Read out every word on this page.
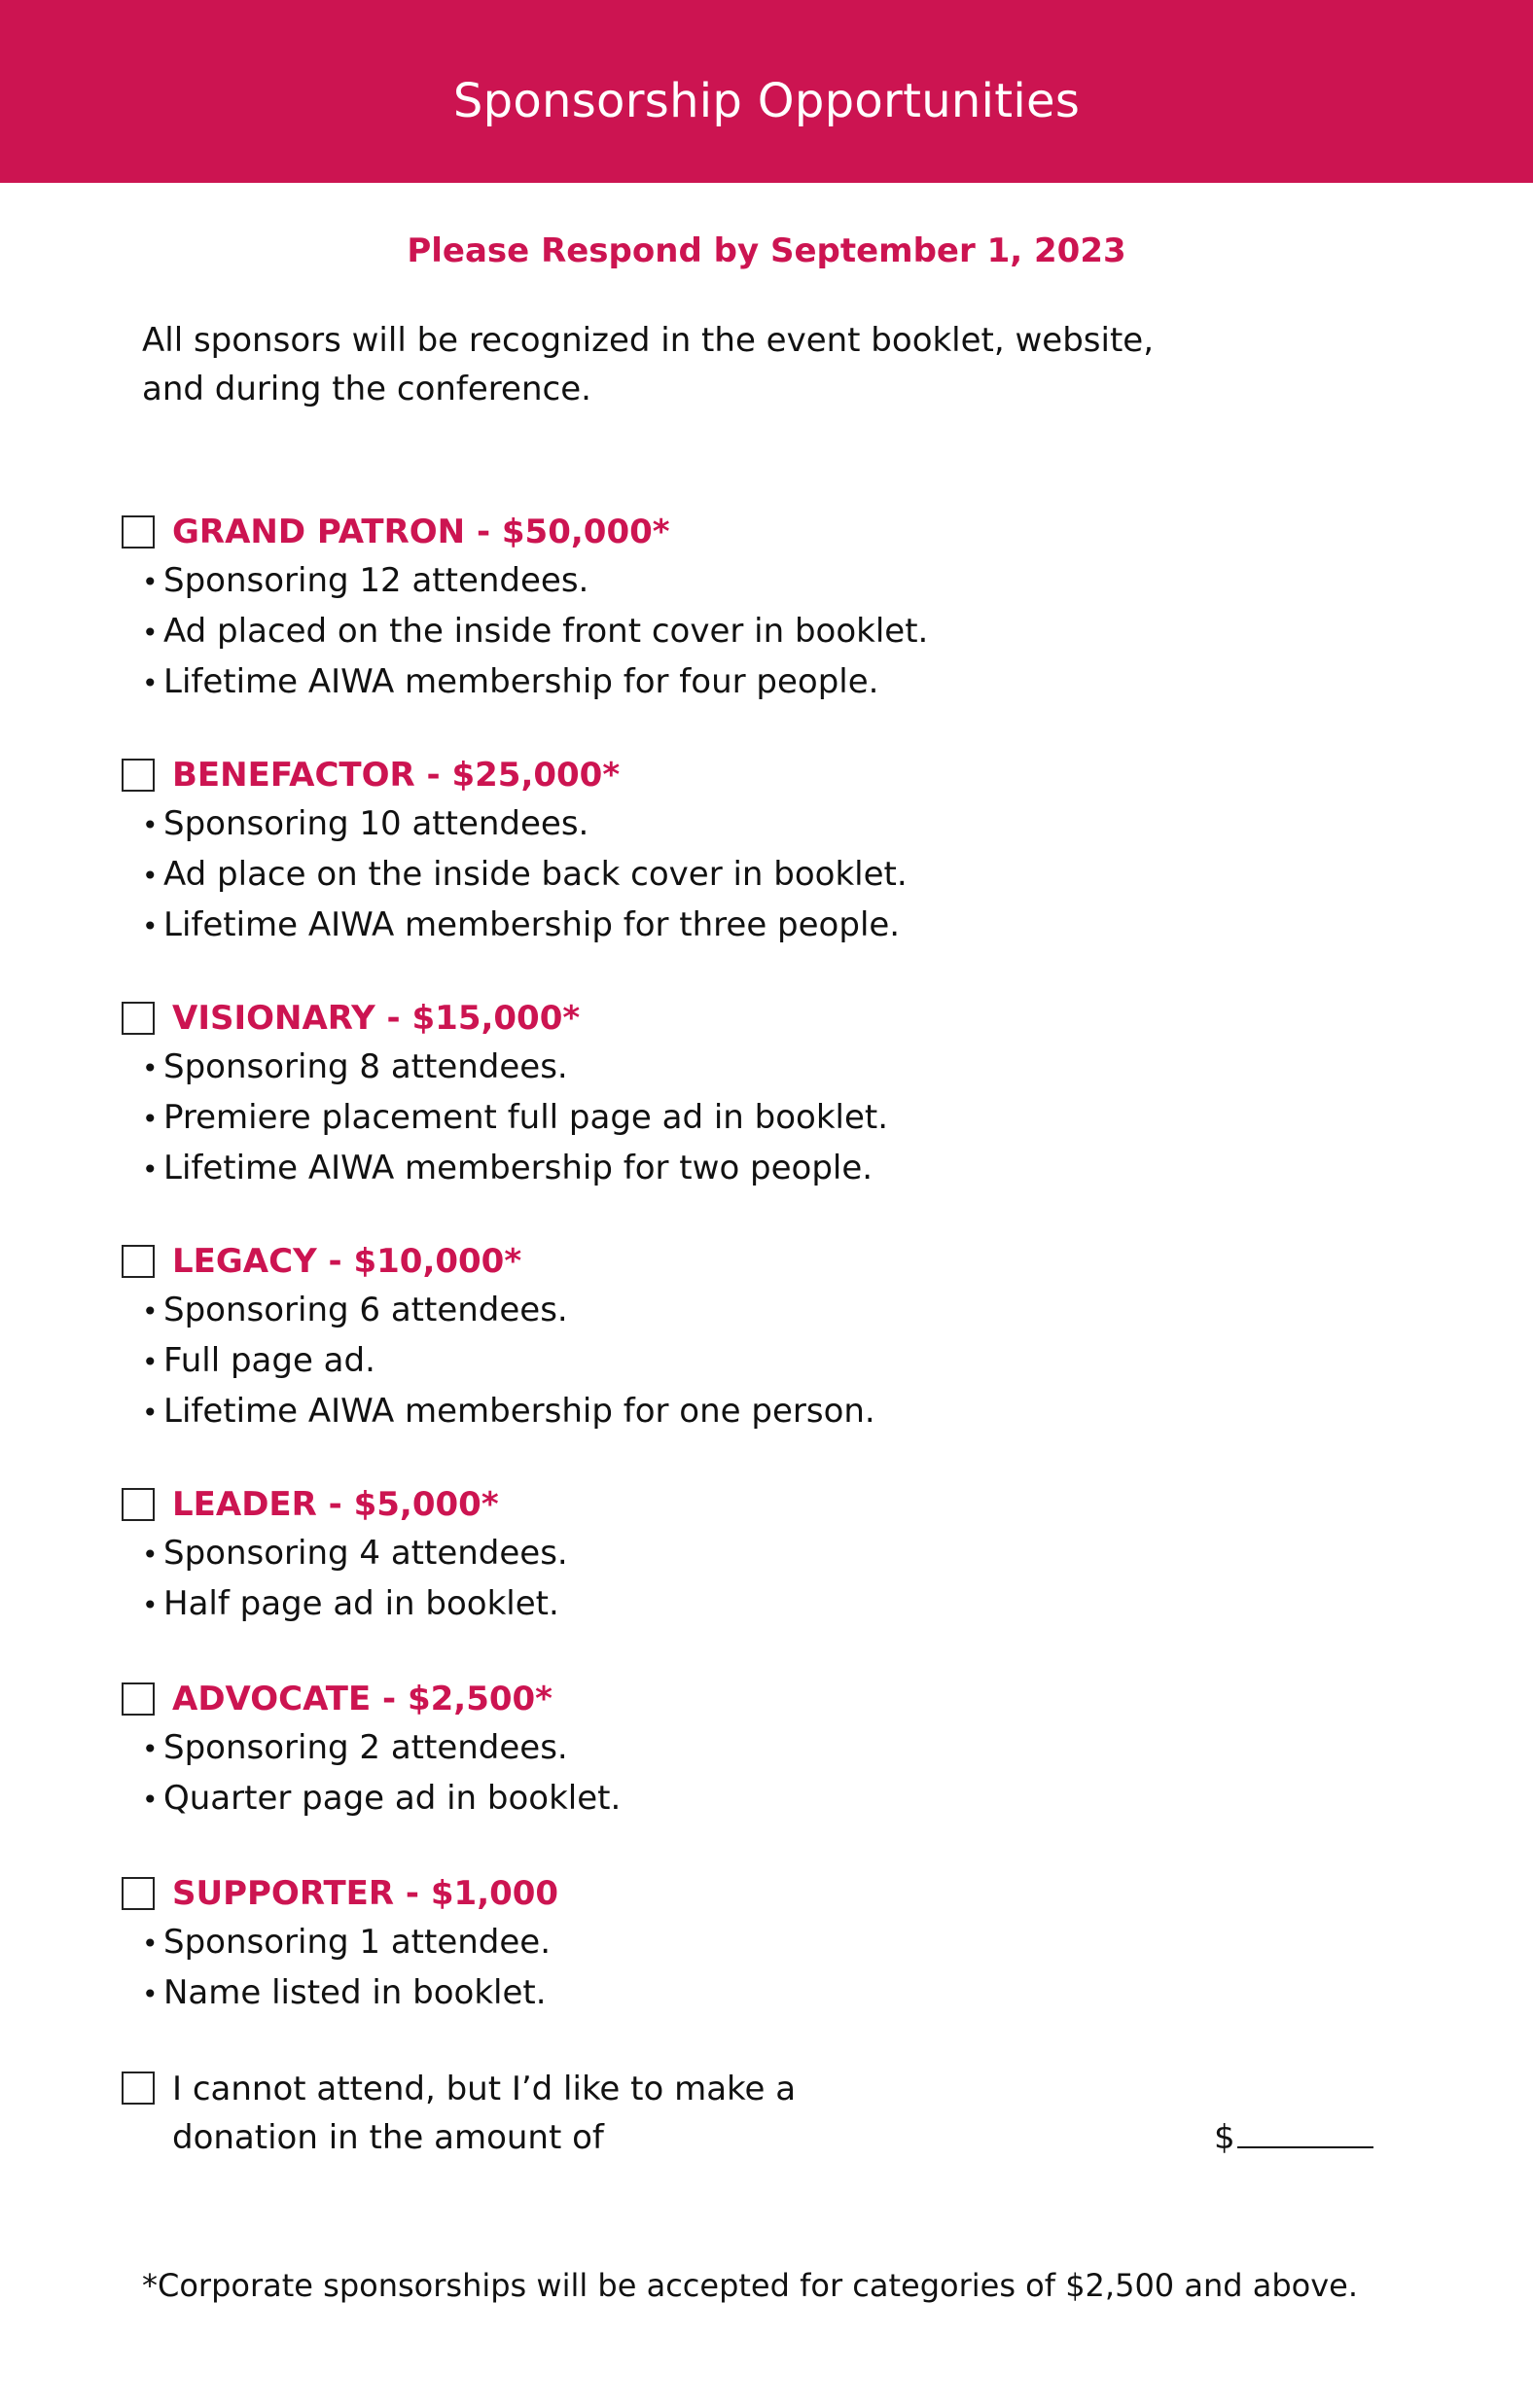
Sponsorship Opportunities
Please Respond by September 1, 2023
All sponsors will be recognized in the event booklet, website,
and during the conference.
GRAND PATRON - $50,000*
• Sponsoring 12 attendees.
• Ad placed on the inside front cover in booklet.
• Lifetime AIWA membership for four people.
BENEFACTOR - $25,000*
• Sponsoring 10 attendees.
• Ad place on the inside back cover in booklet.
• Lifetime AIWA membership for three people.
VISIONARY - $15,000*
• Sponsoring 8 attendees.
• Premiere placement full page ad in booklet.
• Lifetime AIWA membership for two people.
LEGACY - $10,000*
• Sponsoring 6 attendees.
• Full page ad.
• Lifetime AIWA membership for one person.
LEADER - $5,000*
• Sponsoring 4 attendees.
• Half page ad in booklet.
ADVOCATE - $2,500*
• Sponsoring 2 attendees.
• Quarter page ad in booklet.
SUPPORTER - $1,000
• Sponsoring 1 attendee.
• Name listed in booklet.
I cannot attend, but I’d like to make a
donation in the amount of	$
*Corporate sponsorships will be accepted for categories of $2,500 and above.
